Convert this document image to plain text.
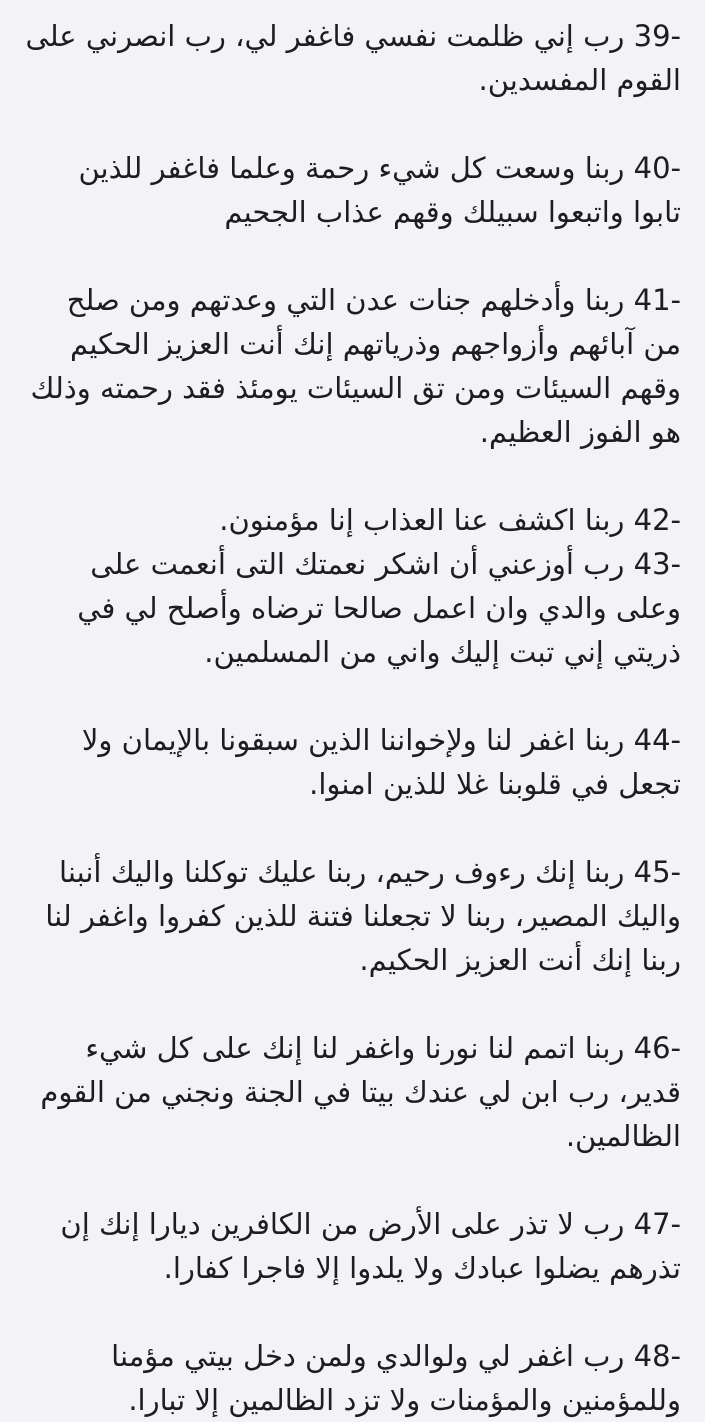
-39 رب إني ظلمت نفسي فاغفر لي، رب انصرني على القوم المفسدين.
-40 ربنا وسعت كل شيء رحمة وعلما فاغفر للذين تابوا واتبعوا سبيلك وقهم عذاب الجحيم
-41 ربنا وأدخلهم جنات عدن التي وعدتهم ومن صلح من آبائهم وأزواجهم وذرياتهم إنك أنت العزيز الحكيم وقهم السيئات ومن تق السيئات يومئذ فقد رحمته وذلك هو الفوز العظيم.
-42 ربنا اكشف عنا العذاب إنا مؤمنون.
-43 رب أوزعني أن اشكر نعمتك التى أنعمت على وعلى والدي وان اعمل صالحا ترضاه وأصلح لي في ذريتي إني تبت إليك واني من المسلمين.
-44 ربنا اغفر لنا ولإخواننا الذين سبقونا بالإيمان ولا تجعل في قلوبنا غلا للذين امنوا.
-45 ربنا إنك رءوف رحيم، ربنا عليك توكلنا واليك أنبنا واليك المصير، ربنا لا تجعلنا فتنة للذين كفروا واغفر لنا ربنا إنك أنت العزيز الحكيم.
-46 ربنا اتمم لنا نورنا واغفر لنا إنك على كل شيء قدير، رب ابن لي عندك بيتا في الجنة ونجني من القوم الظالمين.
-47 رب لا تذر على الأرض من الكافرين ديارا إنك إن تذرهم يضلوا عبادك ولا يلدوا إلا فاجرا كفارا.
-48 رب اغفر لي ولوالدي ولمن دخل بيتي مؤمنا وللمؤمنين والمؤمنات ولا تزد الظالمين إلا تبارا.
